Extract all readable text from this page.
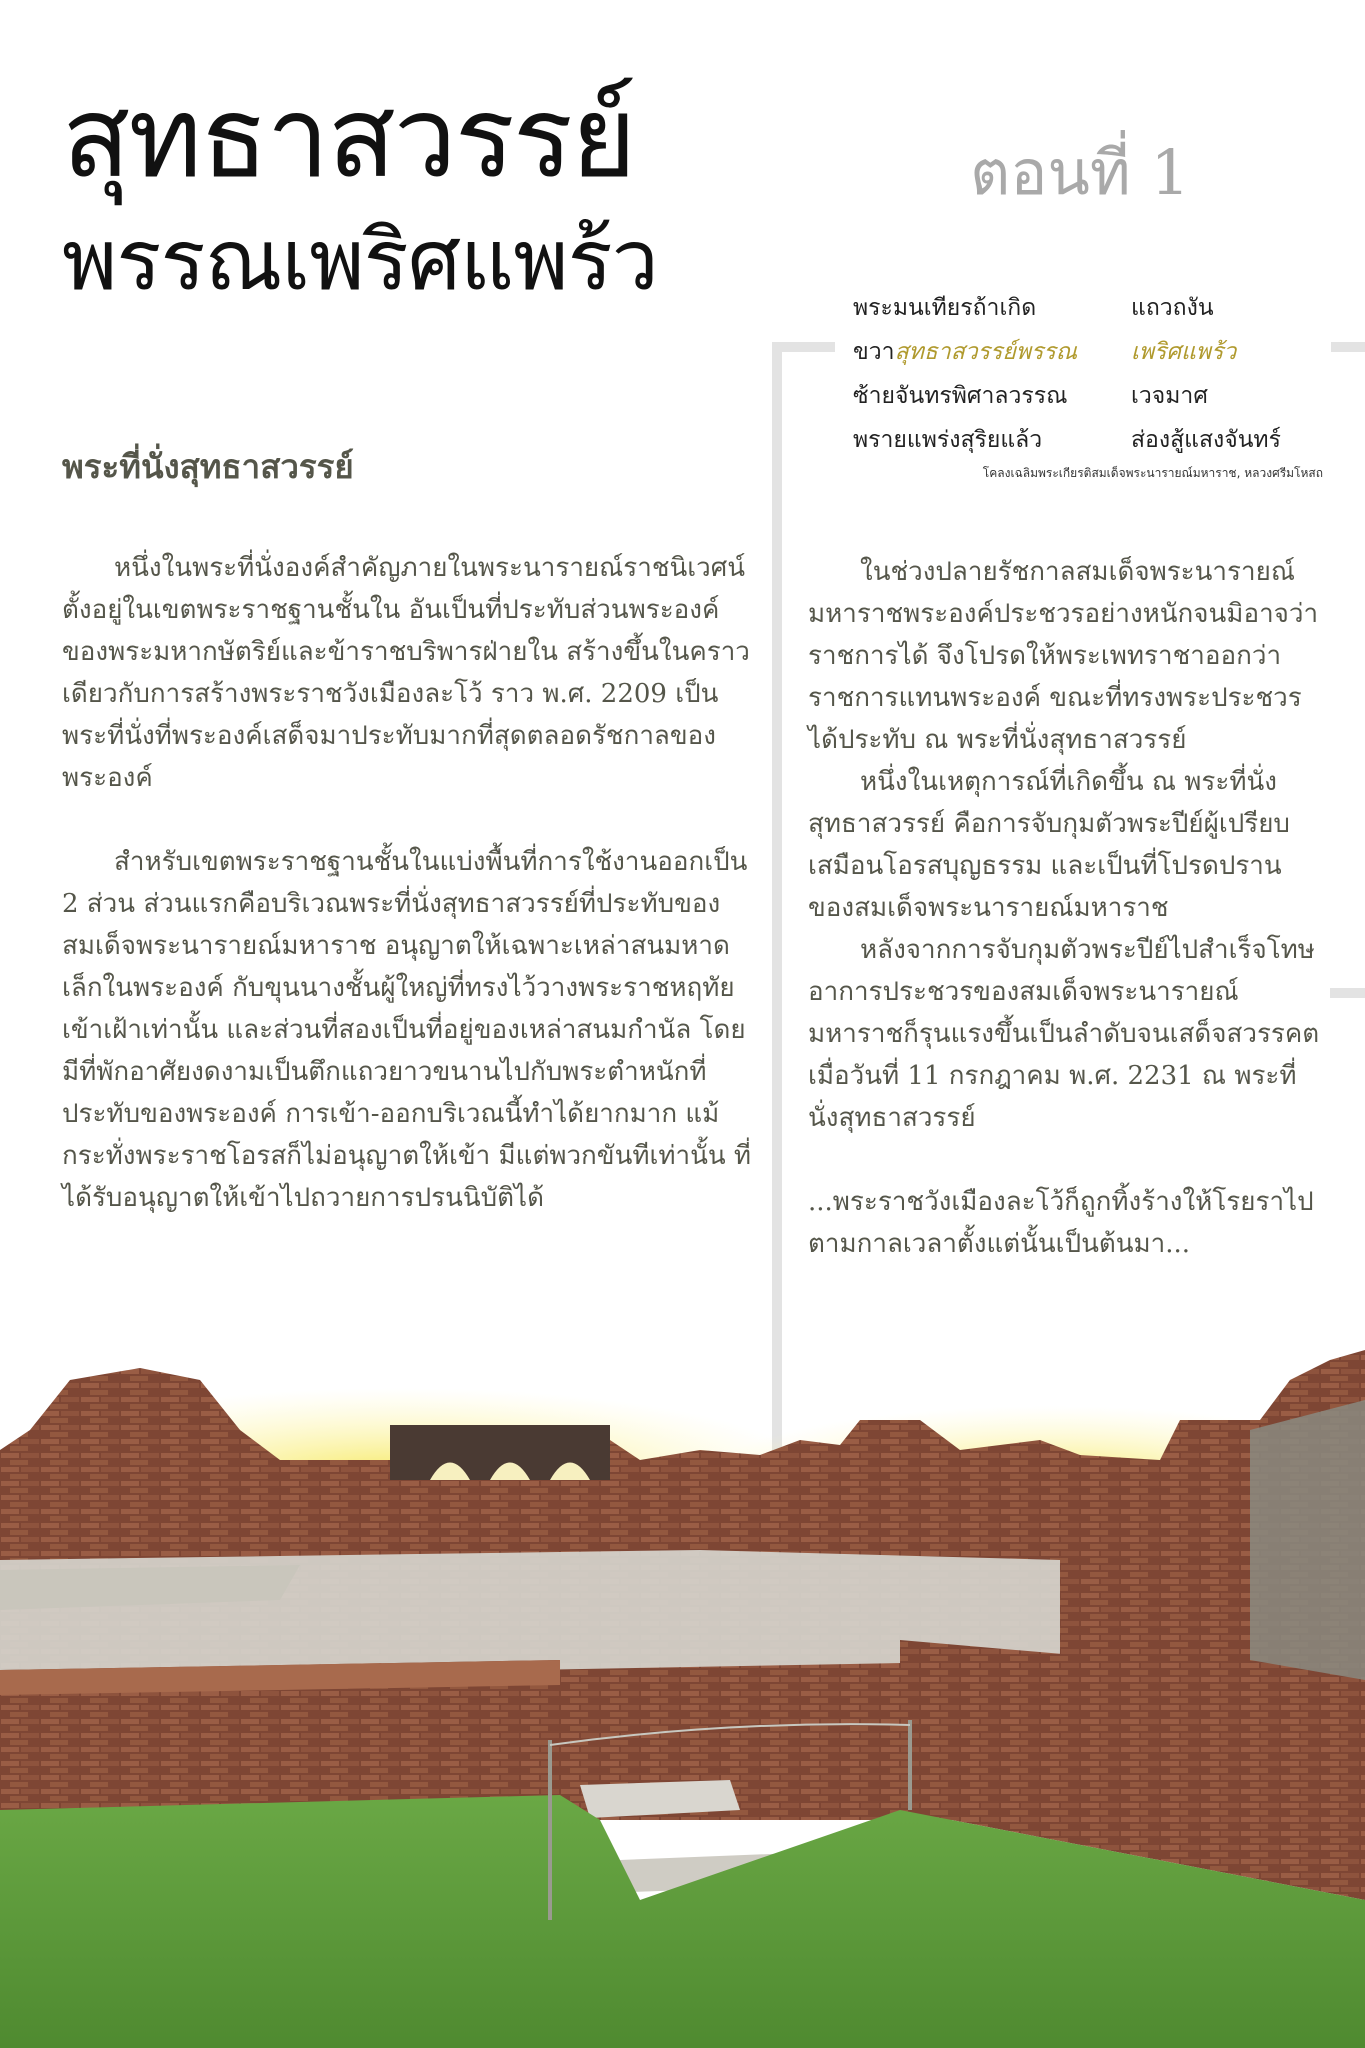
สุทธาสวรรย์
พรรณเพริศแพร้ว
ตอนที่ 1
พระมนเทียรถ้าเกิด	แถวถงัน
ขวาสุทธาสวรรย์พรรณ	เพริศแพร้ว
ซ้ายจันทรพิศาลวรรณ	เวจมาศ
พรายแพร่งสุริยแล้ว	ส่องสู้แสงจันทร์
โคลงเฉลิมพระเกียรติสมเด็จพระนารายณ์มหาราช, หลวงศรีมโหสถ
พระที่นั่งสุทธาสวรรย์

หนึ่งในพระที่นั่งองค์สำคัญภายในพระนารายณ์ราชนิเวศน์ ตั้งอยู่ในเขตพระราชฐานชั้นใน อันเป็นที่ประทับส่วนพระองค์ของพระมหากษัตริย์และข้าราชบริพารฝ่ายใน สร้างขึ้นในคราวเดียวกับการสร้างพระราชวังเมืองละโว้ ราว พ.ศ. 2209 เป็นพระที่นั่งที่พระองค์เสด็จมาประทับมากที่สุดตลอดรัชกาลของพระองค์

สำหรับเขตพระราชฐานชั้นในแบ่งพื้นที่การใช้งานออกเป็น 2 ส่วน ส่วนแรกคือบริเวณพระที่นั่งสุทธาสวรรย์ที่ประทับของสมเด็จพระนารายณ์มหาราช อนุญาตให้เฉพาะเหล่าสนมหาดเล็กในพระองค์ กับขุนนางชั้นผู้ใหญ่ที่ทรงไว้วางพระราชหฤทัยเข้าเฝ้าเท่านั้น และส่วนที่สองเป็นที่อยู่ของเหล่าสนมกำนัล โดยมีที่พักอาศัยงดงามเป็นตึกแถวยาวขนานไปกับพระตำหนักที่ประทับของพระองค์ การเข้า-ออกบริเวณนี้ทำได้ยากมาก แม้กระทั่งพระราชโอรสก็ไม่อนุญาตให้เข้า มีแต่พวกขันทีเท่านั้น ที่ได้รับอนุญาตให้เข้าไปถวายการปรนนิบัติได้

ในช่วงปลายรัชกาลสมเด็จพระนารายณ์มหาราชพระองค์ประชวรอย่างหนักจนมิอาจว่าราชการได้ จึงโปรดให้พระเพทราชาออกว่าราชการแทนพระองค์ ขณะที่ทรงพระประชวรได้ประทับ ณ พระที่นั่งสุทธาสวรรย์

หนึ่งในเหตุการณ์ที่เกิดขึ้น ณ พระที่นั่งสุทธาสวรรย์ คือการจับกุมตัวพระปีย์ผู้เปรียบเสมือนโอรสบุญธรรม และเป็นที่โปรดปรานของสมเด็จพระนารายณ์มหาราช

หลังจากการจับกุมตัวพระปีย์ไปสำเร็จโทษ อาการประชวรของสมเด็จพระนารายณ์มหาราชก็รุนแรงขึ้นเป็นลำดับจนเสด็จสวรรคต เมื่อวันที่ 11 กรกฎาคม พ.ศ. 2231 ณ พระที่นั่งสุทธาสวรรย์

...พระราชวังเมืองละโว้ก็ถูกทิ้งร้างให้โรยราไปตามกาลเวลาตั้งแต่นั้นเป็นต้นมา...
